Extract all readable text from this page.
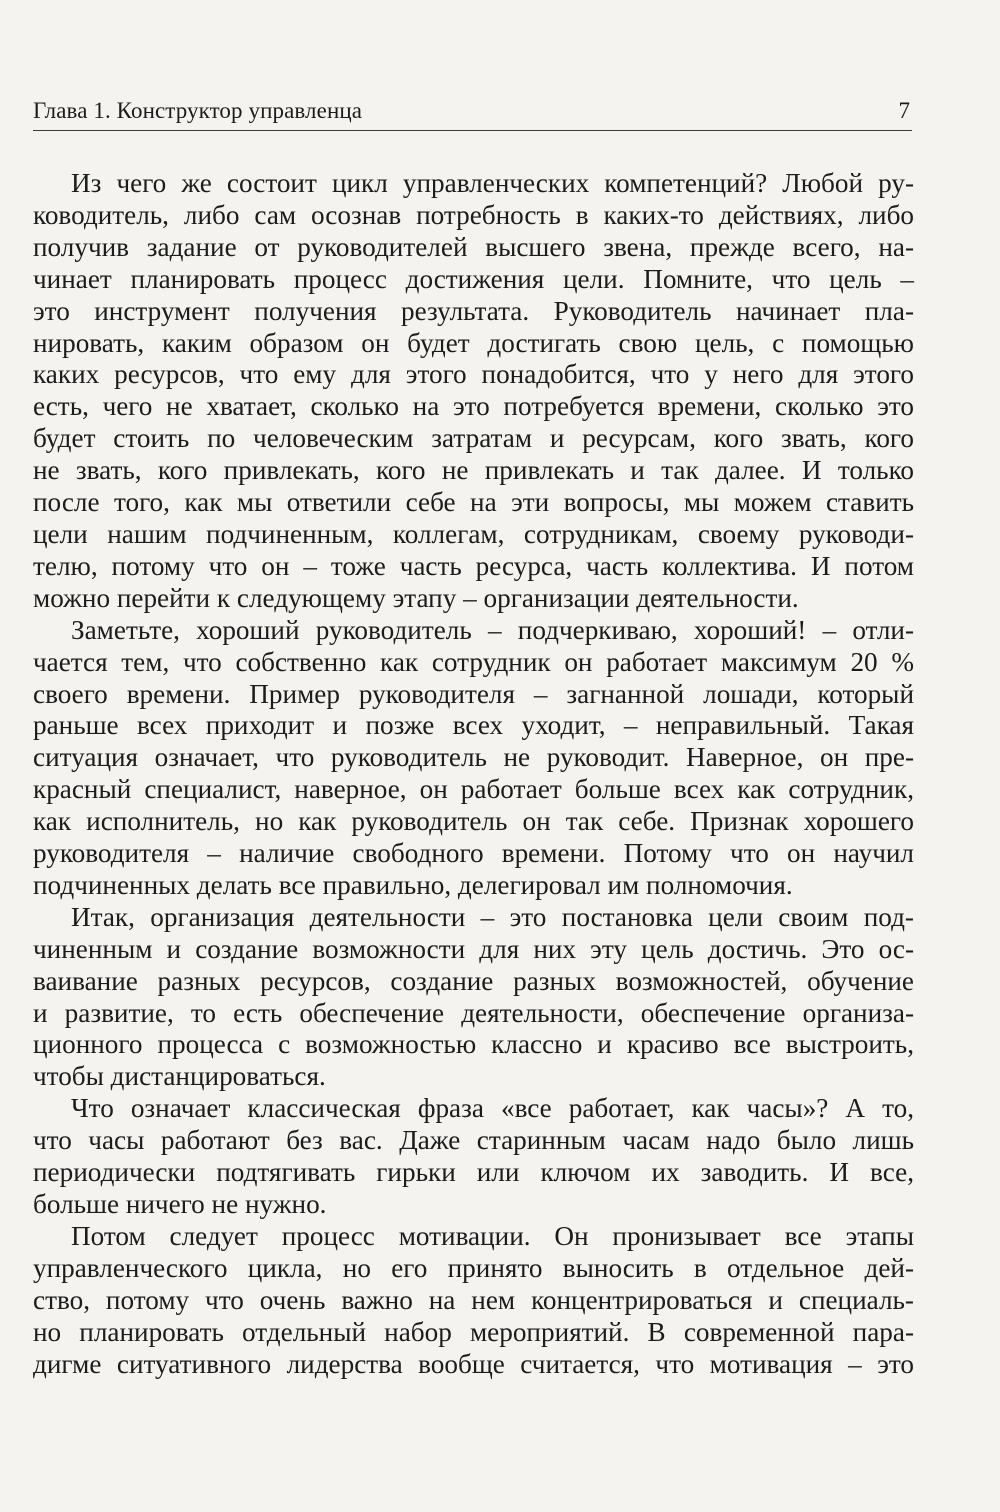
Глава 1. Конструктор управленца	7
Из чего же состоит цикл управленческих компетенций? Любой ру-
ководитель, либо сам осознав потребность в каких-то действиях, либо
получив задание от руководителей высшего звена, прежде всего, на-
чинает планировать процесс достижения цели. Помните, что цель –
это инструмент получения результата. Руководитель начинает пла-
нировать, каким образом он будет достигать свою цель, с помощью
каких ресурсов, что ему для этого понадобится, что у него для этого
есть, чего не хватает, сколько на это потребуется времени, сколько это
будет стоить по человеческим затратам и ресурсам, кого звать, кого
не звать, кого привлекать, кого не привлекать и так далее. И только
после того, как мы ответили себе на эти вопросы, мы можем ставить
цели нашим подчиненным, коллегам, сотрудникам, своему руководи-
телю, потому что он – тоже часть ресурса, часть коллектива. И потом
можно перейти к следующему этапу – организации деятельности.
Заметьте, хороший руководитель – подчеркиваю, хороший! – отли-
чается тем, что собственно как сотрудник он работает максимум 20 %
своего времени. Пример руководителя – загнанной лошади, который
раньше всех приходит и позже всех уходит, – неправильный. Такая
ситуация означает, что руководитель не руководит. Наверное, он пре-
красный специалист, наверное, он работает больше всех как сотрудник,
как исполнитель, но как руководитель он так себе. Признак хорошего
руководителя – наличие свободного времени. Потому что он научил
подчиненных делать все правильно, делегировал им полномочия.
Итак, организация деятельности – это постановка цели своим под-
чиненным и создание возможности для них эту цель достичь. Это ос-
ваивание разных ресурсов, создание разных возможностей, обучение
и развитие, то есть обеспечение деятельности, обеспечение организа-
ционного процесса с возможностью классно и красиво все выстроить,
чтобы дистанцироваться.
Что означает классическая фраза «все работает, как часы»? А то,
что часы работают без вас. Даже старинным часам надо было лишь
периодически подтягивать гирьки или ключом их заводить. И все,
больше ничего не нужно.
Потом следует процесс мотивации. Он пронизывает все этапы
управленческого цикла, но его принято выносить в отдельное дей-
ство, потому что очень важно на нем концентрироваться и специаль-
но планировать отдельный набор мероприятий. В современной пара-
дигме ситуативного лидерства вообще считается, что мотивация – это
